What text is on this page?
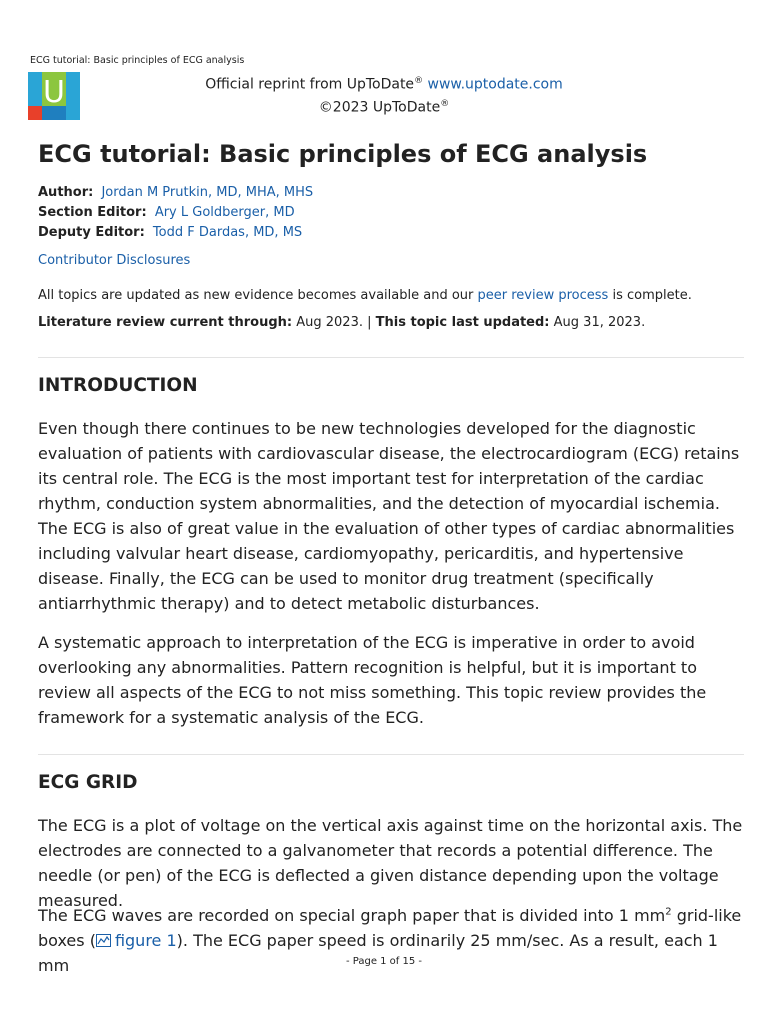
ECG tutorial: Basic principles of ECG analysis
U	Official reprint from UpToDate® www.uptodate.com
©2023 UpToDate®
ECG tutorial: Basic principles of ECG analysis
Author: Jordan M Prutkin, MD, MHA, MHS
Section Editor: Ary L Goldberger, MD
Deputy Editor: Todd F Dardas, MD, MS
Contributor Disclosures
All topics are updated as new evidence becomes available and our peer review process is complete.
Literature review current through: Aug 2023. | This topic last updated: Aug 31, 2023.
INTRODUCTION

Even though there continues to be new technologies developed for the diagnostic evaluation of patients with cardiovascular disease, the electrocardiogram (ECG) retains its central role. The ECG is the most important test for interpretation of the cardiac rhythm, conduction system abnormalities, and the detection of myocardial ischemia. The ECG is also of great value in the evaluation of other types of cardiac abnormalities including valvular heart disease, cardiomyopathy, pericarditis, and hypertensive disease. Finally, the ECG can be used to monitor drug treatment (specifically antiarrhythmic therapy) and to detect metabolic disturbances.

A systematic approach to interpretation of the ECG is imperative in order to avoid overlooking any abnormalities. Pattern recognition is helpful, but it is important to review all aspects of the ECG to not miss something. This topic review provides the framework for a systematic analysis of the ECG.

ECG GRID

The ECG is a plot of voltage on the vertical axis against time on the horizontal axis. The electrodes are connected to a galvanometer that records a potential difference. The needle (or pen) of the ECG is deflected a given distance depending upon the voltage measured.

The ECG waves are recorded on special graph paper that is divided into 1 $mm^2$ grid-like boxes ( figure 1). The ECG paper speed is ordinarily 25 mm/sec. As a result, each 1 mm	- Page 1 of 15 -
